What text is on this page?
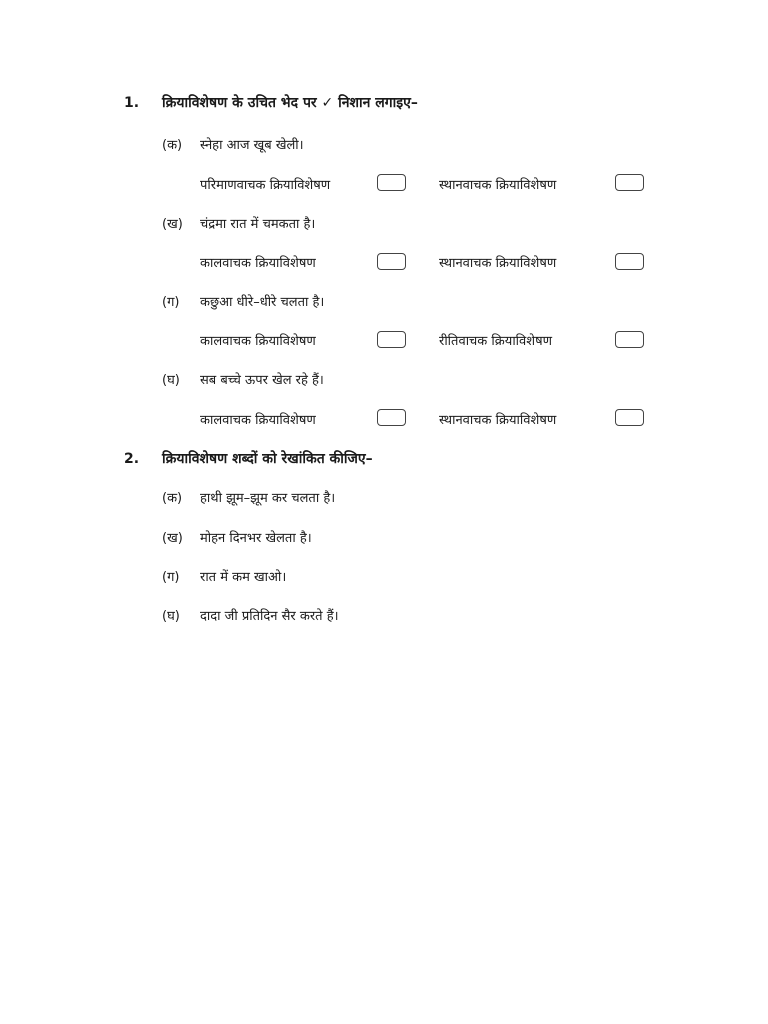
1. क्रियाविशेषण के उचित भेद पर ✓ निशान लगाइए–
(क) स्नेहा आज खूब खेली।
परिमाणवाचक क्रियाविशेषण	स्थानवाचक क्रियाविशेषण
(ख) चंद्रमा रात में चमकता है।
कालवाचक क्रियाविशेषण	स्थानवाचक क्रियाविशेषण
(ग) कछुआ धीरे–धीरे चलता है।
कालवाचक क्रियाविशेषण	रीतिवाचक क्रियाविशेषण
(घ) सब बच्चे ऊपर खेल रहे हैं।
कालवाचक क्रियाविशेषण	स्थानवाचक क्रियाविशेषण
2. क्रियाविशेषण शब्दों को रेखांकित कीजिए–
(क) हाथी झूम–झूम कर चलता है।
(ख) मोहन दिनभर खेलता है।
(ग) रात में कम खाओ।
(घ) दादा जी प्रतिदिन सैर करते हैं।
